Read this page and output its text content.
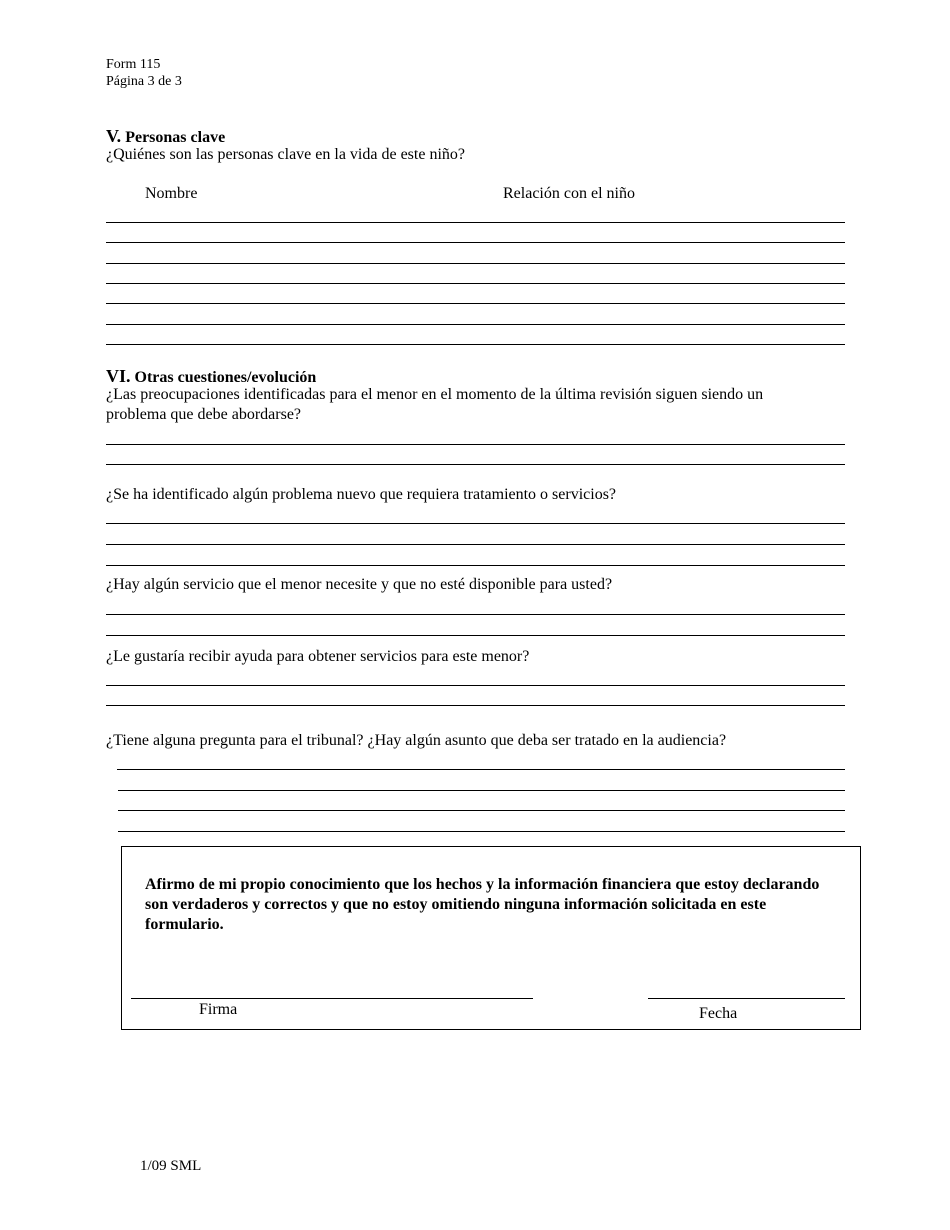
Form 115
Página 3 de 3
V. Personas clave
¿Quiénes son las personas clave en la vida de este niño?
Nombre	Relación con el niño
VI. Otras cuestiones/evolución
¿Las preocupaciones identificadas para el menor en el momento de la última revisión siguen siendo un problema que debe abordarse?
¿Se ha identificado algún problema nuevo que requiera tratamiento o servicios?
¿Hay algún servicio que el menor necesite y que no esté disponible para usted?
¿Le gustaría recibir ayuda para obtener servicios para este menor?
¿Tiene alguna pregunta para el tribunal? ¿Hay algún asunto que deba ser tratado en la audiencia?
Afirmo de mi propio conocimiento que los hechos y la información financiera que estoy declarando son verdaderos y correctos y que no estoy omitiendo ninguna información solicitada en este formulario.
Firma	Fecha
1/09 SML
